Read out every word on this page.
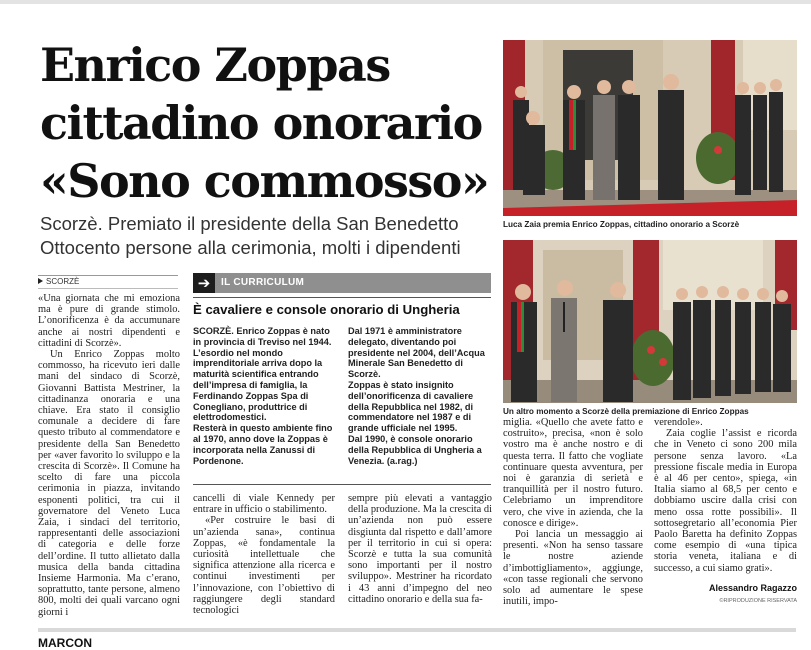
Enrico Zoppas
cittadino onorario
«Sono commosso»
Scorzè. Premiato il presidente della San Benedetto
Ottocento persone alla cerimonia, molti i dipendenti
SCORZÈ

«Una giornata che mi emoziona ma è pure di grande stimolo. L’onorificenza è da accumunare anche ai nostri dipendenti e cittadini di Scorzè».

Un Enrico Zoppas molto commosso, ha ricevuto ieri dalle mani del sindaco di Scorzè, Giovanni Battista Mestriner, la cittadinanza onoraria e una chiave. Era stato il consiglio comunale a decidere di fare questo tributo al commendatore e presidente della San Benedetto per «aver favorito lo sviluppo e la crescita di Scorzè». Il Comune ha scelto di fare una piccola cerimonia in piazza, invitando esponenti politici, tra cui il governatore del Veneto Luca Zaia, i sindaci del territorio, rappresentanti delle associazioni di categoria e delle forze dell’ordine. Il tutto allietato dalla musica della banda cittadina Insieme Harmonia. Ma c’erano, soprattutto, tante persone, almeno 800, molti dei quali varcano ogni giorni i

➔	IL CURRICULUM
È cavaliere e console onorario di Ungheria

SCORZÈ. Enrico Zoppas è nato in provincia di Treviso nel 1944.

L’esordio nel mondo imprenditoriale arriva dopo la maturità scientifica entrando dell’impresa di famiglia, la Ferdinando Zoppas Spa di Conegliano, produttrice di elettrodomestici.

Resterà in questo ambiente fino al 1970, anno dove la Zoppas è incorporata nella Zanussi di Pordenone.

Dal 1971 è amministratore delegato, diventando poi presidente nel 2004, dell’Acqua Minerale San Benedetto di Scorzè.

Zoppas è stato insignito dell’onorificenza di cavaliere della Repubblica nel 1982, di commendatore nel 1987 e di grande ufficiale nel 1995.

Dal 1990, è console onorario della Repubblica di Ungheria a Venezia. (a.rag.)

cancelli di viale Kennedy per entrare in ufficio o stabilimento.

«Per costruire le basi di un’azienda sana», continua Zoppas, «è fondamentale la curiosità intellettuale che significa attenzione alla ricerca e continui investimenti per l’innovazione, con l’obiettivo di raggiungere degli standard tecnologici

sempre più elevati a vantaggio della produzione. Ma la crescita di un’azienda non può essere disgiunta dal rispetto e dall’amore per il territorio in cui si opera: Scorzè e tutta la sua comunità sono importanti per il nostro sviluppo». Mestriner ha ricordato i 43 anni d’impegno del neo cittadino onorario e della sua fa-

Luca Zaia premia Enrico Zoppas, cittadino onorario a Scorzè
Un altro momento a Scorzè della premiazione di Enrico Zoppas

miglia. «Quello che avete fatto e costruito», precisa, «non è solo vostro ma è anche nostro e di questa terra. Il fatto che vogliate continuare questa avventura, per noi è garanzia di serietà e tranquillità per il nostro futuro. Celebriamo un imprenditore vero, che vive in azienda, che la conosce e dirige».

Poi lancia un messaggio ai presenti. «Non ha senso tassare le nostre aziende d’imbottigliamento», aggiunge, «con tasse regionali che servono solo ad aumentare le spese inutili, impo-

verendole».

Zaia coglie l’assist e ricorda che in Veneto ci sono 200 mila persone senza lavoro. «La pressione fiscale media in Europa è al 46 per cento», spiega, «in Italia siamo al 68,5 per cento e dobbiamo uscire dalla crisi con meno ossa rotte possibili». Il sottosegretario all’economia Pier Paolo Baretta ha definito Zoppas come esempio di «una tipica storia veneta, italiana e di successo, a cui siamo grati».

Alessandro Ragazzo
©RIPRODUZIONE RISERVATA
MARCON
